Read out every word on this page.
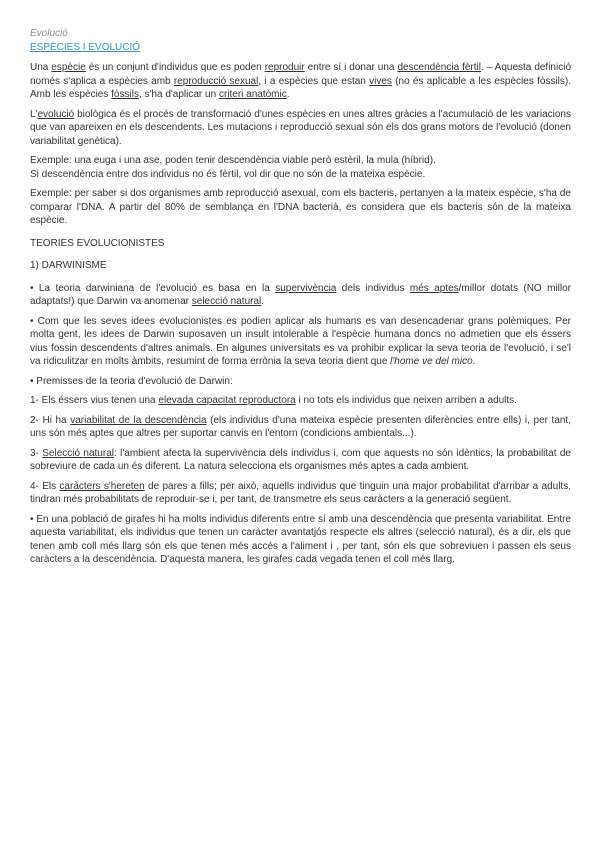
Evolució
ESPÈCIES I EVOLUCIÓ

Una espècie és un conjunt d'individus que es poden reproduir entre sí i donar una descendència fèrtil. – Aquesta definició només s'aplica a espècies amb reproducció sexual, i a espècies que estan vives (no és aplicable a les espècies fòssils). Amb les espècies fòssils, s'ha d'aplicar un criteri anatòmic.

L'evolució biològica és el procés de transformació d'unes espècies en unes altres gràcies a l'acumulació de les variacions que van apareixen en els descendents. Les mutacions i reproducció sexual són els dos grans motors de l'evolució (donen variabilitat genètica).

Exemple: una euga i una ase, poden tenir descendència viable però estèril, la mula (híbrid).

Si descendència entre dos individus no és fèrtil, vol dir que no són de la mateixa espècie.

Exemple: per saber si dos organismes amb reproducció asexual, com els bacteris, pertanyen a la mateix espècie, s'ha de comparar l'DNA. A partir del 80% de semblança en l'DNA bacterià, es considera que els bacteris són de la mateixa espècie.

TEORIES EVOLUCIONISTES

1) DARWINISME

• La teoria darwiniana de l'evolució es basa en la supervivència dels individus més aptes/millor dotats (NO millor adaptats!) que Darwin va anomenar selecció natural.

• Com que les seves idees evolucionistes es podien aplicar als humans es van desencadenar grans polèmiques. Per molta gent, les idees de Darwin suposaven un insult intolerable a l'espècie humana doncs no admetien que els éssers vius fossin descendents d'altres animals. En algunes universitats es va prohibir explicar la seva teoria de l'evolució, i se'l va ridiculitzar en molts àmbits, resumint de forma errònia la seva teoria dient que l'home ve del mico.

• Premisses de la teoria d'evolució de Darwin:

1- Els éssers vius tenen una elevada capacitat reproductora i no tots els individus que neixen arriben a adults.

2- Hi ha variabilitat de la descendència (els individus d'una mateixa espècie presenten diferències entre ells) i, per tant, uns són més aptes que altres per suportar canvis en l'entorn (condicions ambientals...).

3- Selecció natural: l'ambient afecta la supervivència dels individus i, com que aquests no són idèntics, la probabilitat de sobreviure de cada un és diferent. La natura selecciona els organismes més aptes a cada ambient.

4- Els caràcters s'hereten de pares a fills; per això, aquells individus que tinguin una major probabilitat d'arribar a adults, tindran més probabilitats de reproduir-se i, per tant, de transmetre els seus caràcters a la generació següent.

• En una població de girafes hi ha molts individus diferents entre sí amb una descendència que presenta variabilitat. Entre aquesta variabilitat, els individus que tenen un caràcter avantatjós respecte els altres (selecció natural), és a dir, els que tenen amb coll més llarg són els que tenen més accés a l'aliment i , per tant, són els que sobreviuen i passen els seus caràcters a la descendència. D'aquesta manera, les girafes cada vegada tenen el coll més llarg.
